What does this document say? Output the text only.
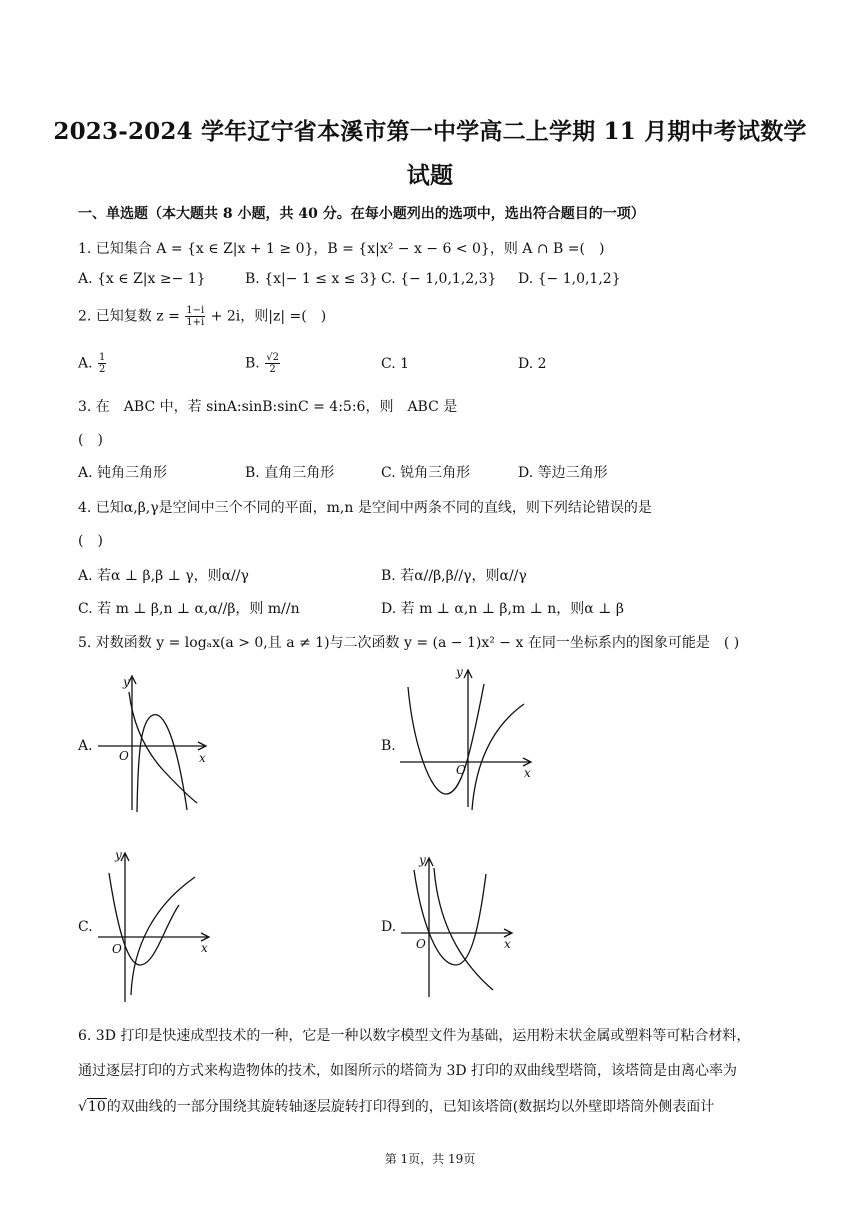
2023-2024 学年辽宁省本溪市第一中学高二上学期 11 月期中考试数学
试题
一、单选题（本大题共 8 小题，共 40 分。在每小题列出的选项中，选出符合题目的一项）
1. 已知集合 A = {x ∈ Z|x + 1 ≥ 0}，B = {x|x² − x − 6 < 0}，则 A ∩ B =(　)
A. {x ∈ Z|x ≥− 1}	B. {x|− 1 ≤ x ≤ 3} C. {− 1,0,1,2,3} D. {− 1,0,1,2}
2. 已知复数 $z = \frac{1-i}{1+i} + 2i$，则|z| =(　)
A. $\frac{1}{2}$	B. $\frac{√2}{2}$	C. 1	D. 2
3. 在　ABC 中，若 sinA:sinB:sinC = 4:5:6，则　ABC 是
(　)
A. 钝角三角形	B. 直角三角形	C. 锐角三角形	D. 等边三角形
4. 已知α,β,γ是空间中三个不同的平面，m,n 是空间中两条不同的直线，则下列结论错误的是
(　)
A. 若α ⊥ β,β ⊥ γ，则α//γ	B. 若α//β,β//γ，则α//γ
C. 若 m ⊥ β,n ⊥ α,α//β，则 m//n	D. 若 m ⊥ α,n ⊥ β,m ⊥ n，则α ⊥ β
5. 对数函数 y = logₐx(a > 0,且 a ≠ 1)与二次函数 y = (a − 1)x² − x 在同一坐标系内的图象可能是　( )
A.
y
x
O
B.
y
x
O
C.
y
x
O
D.
y
x
O
6. 3D 打印是快速成型技术的一种，它是一种以数字模型文件为基础，运用粉末状金属或塑料等可粘合材料，
通过逐层打印的方式来构造物体的技术，如图所示的塔筒为 3D 打印的双曲线型塔筒，该塔筒是由离心率为
√10的双曲线的一部分围绕其旋转轴逐层旋转打印得到的，已知该塔筒(数据均以外壁即塔筒外侧表面计
第 1页，共 19页
